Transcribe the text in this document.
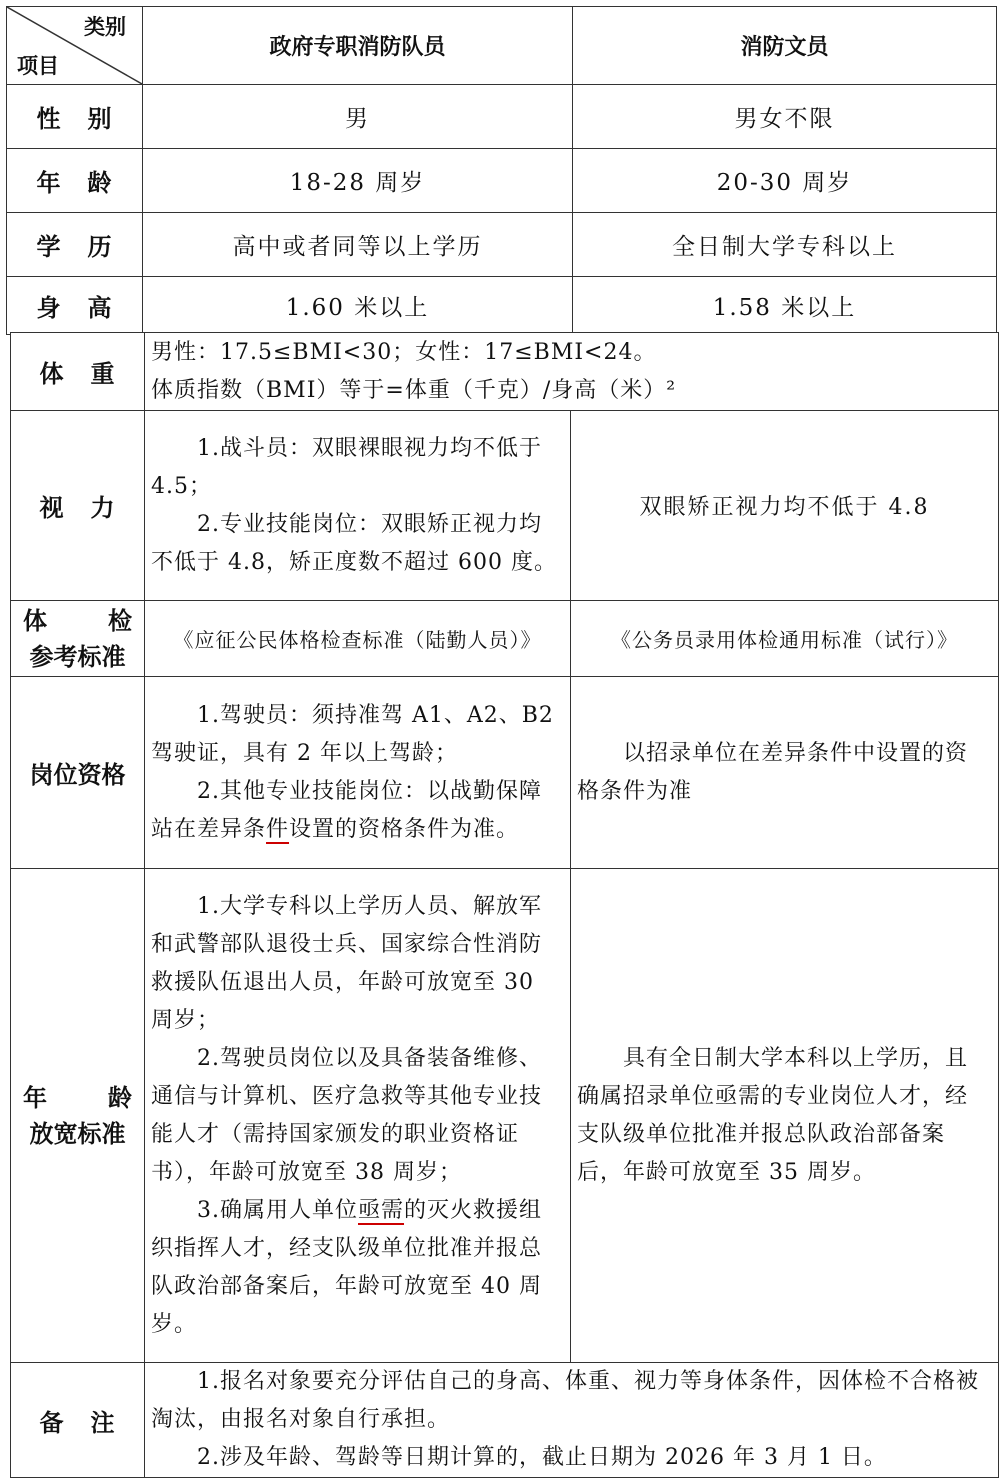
类别
项目	政府专职消防队员	消防文员
性 别	男	男女不限
年 龄	18-28 周岁	20-30 周岁
学 历	高中或者同等以上学历	全日制大学专科以上
身 高	1.60 米以上	1.58 米以上
体 重	男性：17.5≤BMI<30；女性：17≤BMI<24。
体质指数（BMI）等于=体重（千克）/身高（米）²	

视 力	1.战斗员：双眼裸眼视力均不低于 4.5；
2.专业技能岗位：双眼矫正视力均不低于 4.8，矫正度数不超过 600 度。	双眼矫正视力均不低于 4.8

体 检
参考标准	《应征公民体格检查标准（陆勤人员）》	《公务员录用体检通用标准（试行）》
岗位资格	1.驾驶员：须持准驾 A1、A2、B2 驾驶证，具有 2 年以上驾龄；
2.其他专业技能岗位：以战勤保障站在差异条件设置的资格条件为准。	以招录单位在差异条件中设置的资格条件为准

年 龄
放宽标准	1.大学专科以上学历人员、解放军和武警部队退役士兵、国家综合性消防救援队伍退出人员，年龄可放宽至 30 周岁；
2.驾驶员岗位以及具备装备维修、通信与计算机、医疗急救等其他专业技能人才（需持国家颁发的职业资格证书），年龄可放宽至 38 周岁；
3.确属用人单位亟需的灭火救援组织指挥人才，经支队级单位批准并报总队政治部备案后，年龄可放宽至 40 周岁。	具有全日制大学本科以上学历，且确属招录单位亟需的专业岗位人才，经支队级单位批准并报总队政治部备案后，年龄可放宽至 35 周岁。

备 注	1.报名对象要充分评估自己的身高、体重、视力等身体条件，因体检不合格被淘汰，由报名对象自行承担。
2.涉及年龄、驾龄等日期计算的，截止日期为 2026 年 3 月 1 日。	
